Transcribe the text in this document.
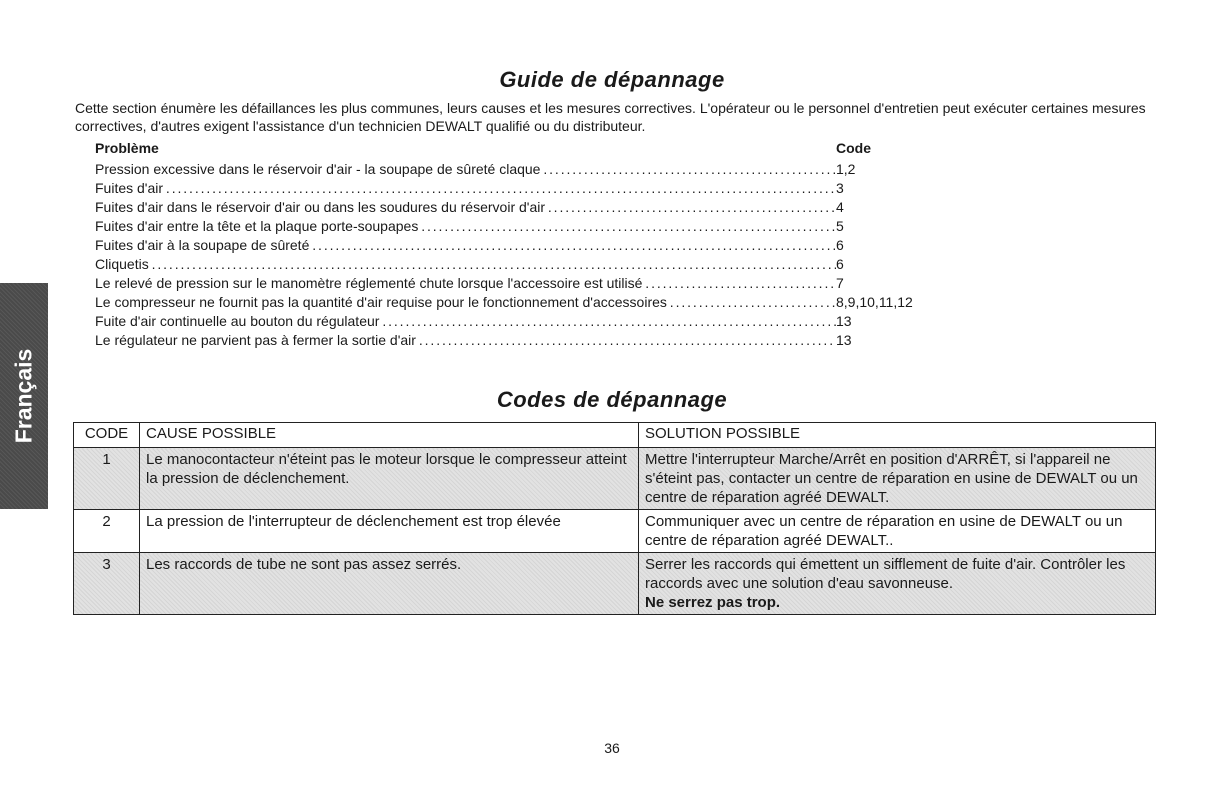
Français
Guide de dépannage
Cette section énumère les défaillances les plus communes, leurs causes et les mesures correctives. L'opérateur ou le personnel d'entretien peut exécuter certaines mesures correctives, d'autres exigent l'assistance d'un technicien DEWALT qualifié ou du distributeur.
Problème	Code
Pression excessive dans le réservoir d'air - la soupape de sûreté claque . . .	1,2
Fuites d'air . . .	3
Fuites d'air dans le réservoir d'air ou dans les soudures du réservoir d'air . . .	4
Fuites d'air entre la tête et la plaque porte-soupapes . . .	5
Fuites d'air à la soupape de sûreté . . .	6
Cliquetis . . .	6
Le relevé de pression sur le manomètre réglementé chute lorsque l'accessoire est utilisé . . .	7
Le compresseur ne fournit pas la quantité d'air requise pour le fonctionnement d'accessoires . . .	8,9,10,11,12
Fuite d'air continuelle au bouton du régulateur . . .	13
Le régulateur ne parvient pas à fermer la sortie d'air . . .	13
Codes de dépannage
CODE	CAUSE POSSIBLE	SOLUTION POSSIBLE
1	Le manocontacteur n'éteint pas le moteur lorsque le compresseur atteint la pression de déclenchement.	Mettre l'interrupteur Marche/Arrêt en position d'ARRÊT, si l'appareil ne s'éteint pas, contacter un centre de réparation en usine de DEWALT ou un centre de réparation agréé DEWALT.
2	La pression de l'interrupteur de déclenchement est trop élevée	Communiquer avec un centre de réparation en usine de DEWALT ou un centre de réparation agréé DEWALT..
3	Les raccords de tube ne sont pas assez serrés.	Serrer les raccords qui émettent un sifflement de fuite d'air. Contrôler les raccords avec une solution d'eau savonneuse.
Ne serrez pas trop.
36
